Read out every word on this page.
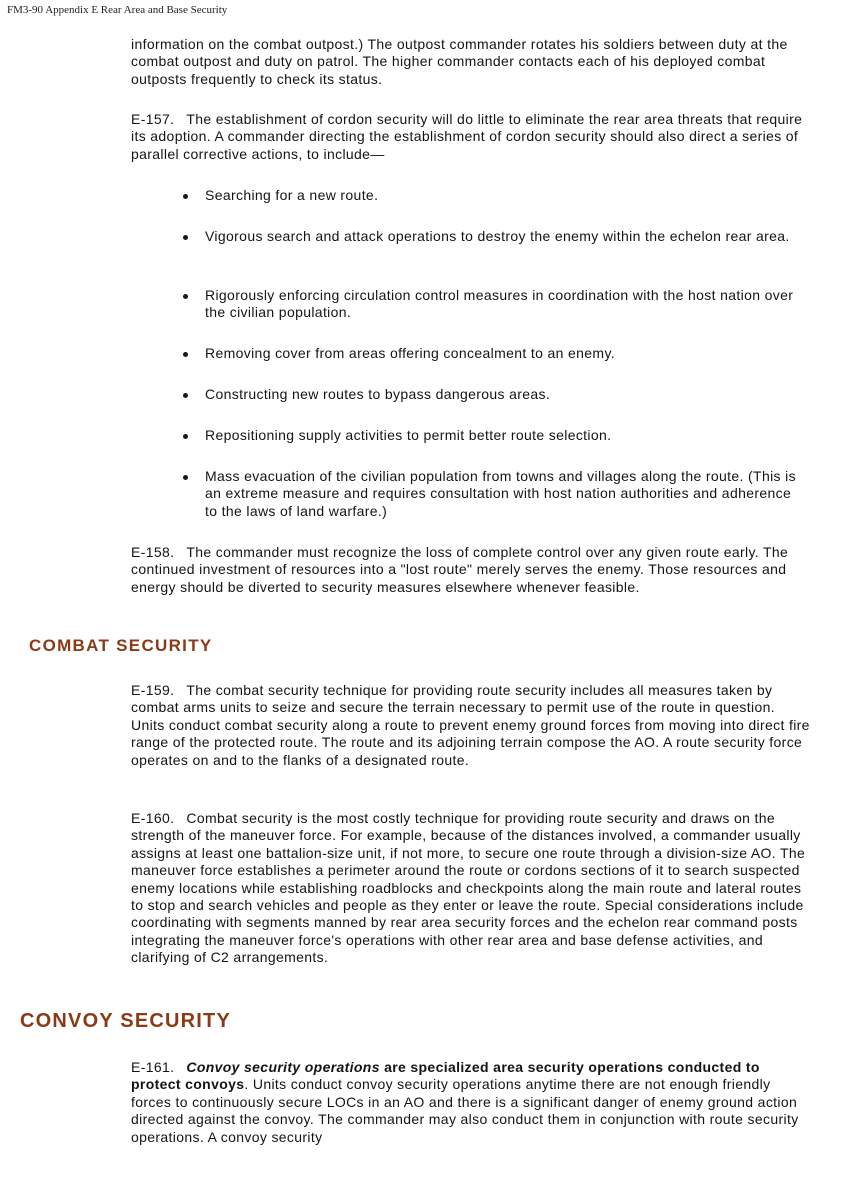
FM3-90 Appendix E Rear Area and Base Security

information on the combat outpost.) The outpost commander rotates his soldiers between duty at the combat outpost and duty on patrol. The higher commander contacts each of his deployed combat outposts frequently to check its status.

E-157. The establishment of cordon security will do little to eliminate the rear area threats that require its adoption. A commander directing the establishment of cordon security should also direct a series of parallel corrective actions, to include—

Searching for a new route.
Vigorous search and attack operations to destroy the enemy within the echelon rear area.
Rigorously enforcing circulation control measures in coordination with the host nation over the civilian population.
Removing cover from areas offering concealment to an enemy.
Constructing new routes to bypass dangerous areas.
Repositioning supply activities to permit better route selection.
Mass evacuation of the civilian population from towns and villages along the route. (This is an extreme measure and requires consultation with host nation authorities and adherence to the laws of land warfare.)

E-158. The commander must recognize the loss of complete control over any given route early. The continued investment of resources into a "lost route" merely serves the enemy. Those resources and energy should be diverted to security measures elsewhere whenever feasible.

COMBAT SECURITY

E-159. The combat security technique for providing route security includes all measures taken by combat arms units to seize and secure the terrain necessary to permit use of the route in question. Units conduct combat security along a route to prevent enemy ground forces from moving into direct fire range of the protected route. The route and its adjoining terrain compose the AO. A route security force operates on and to the flanks of a designated route.

E-160. Combat security is the most costly technique for providing route security and draws on the strength of the maneuver force. For example, because of the distances involved, a commander usually assigns at least one battalion-size unit, if not more, to secure one route through a division-size AO. The maneuver force establishes a perimeter around the route or cordons sections of it to search suspected enemy locations while establishing roadblocks and checkpoints along the main route and lateral routes to stop and search vehicles and people as they enter or leave the route. Special considerations include coordinating with segments manned by rear area security forces and the echelon rear command posts integrating the maneuver force's operations with other rear area and base defense activities, and clarifying of C2 arrangements.

CONVOY SECURITY

E-161. Convoy security operations are specialized area security operations conducted to protect convoys. Units conduct convoy security operations anytime there are not enough friendly forces to continuously secure LOCs in an AO and there is a significant danger of enemy ground action directed against the convoy. The commander may also conduct them in conjunction with route security operations. A convoy security
